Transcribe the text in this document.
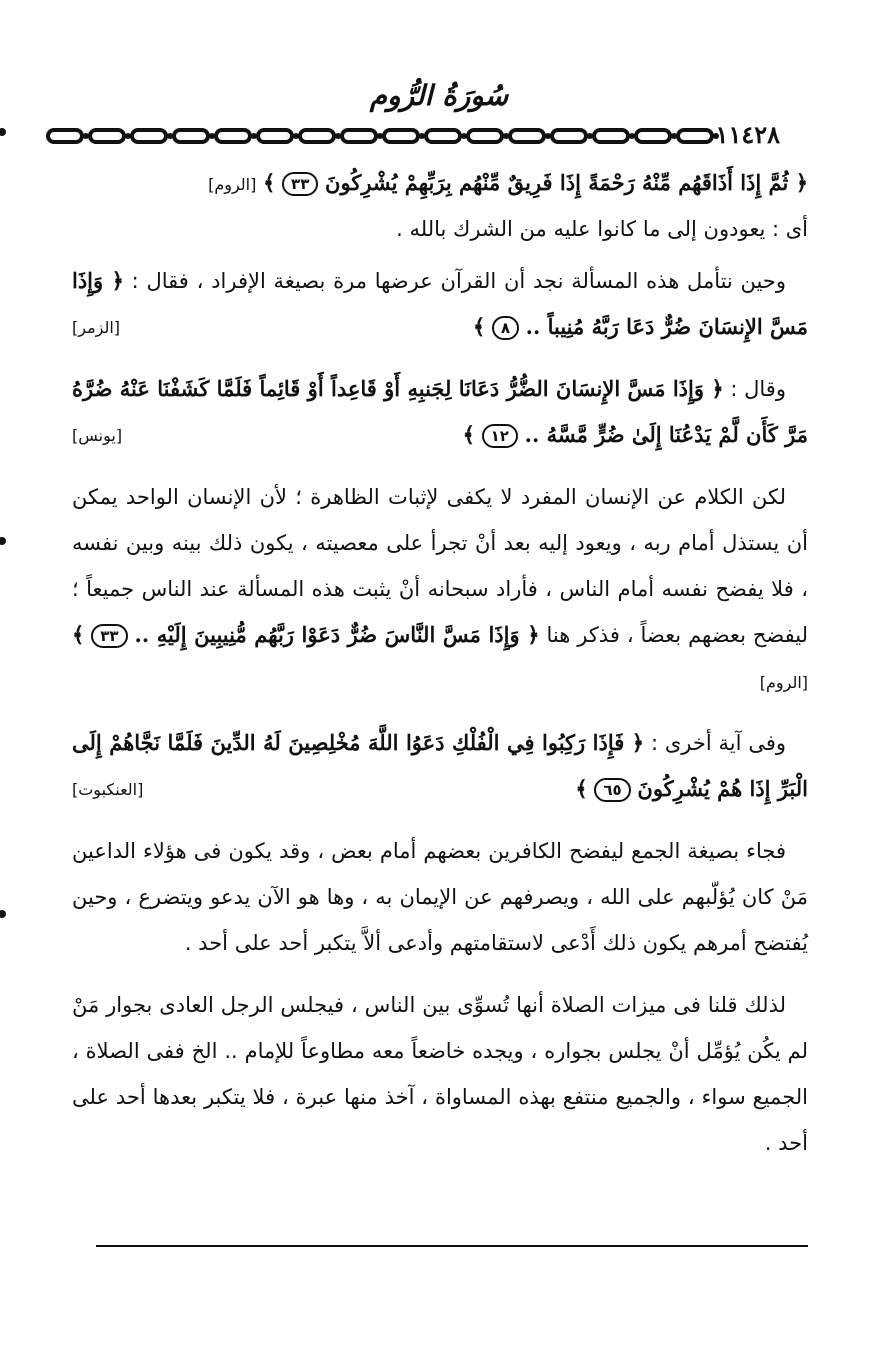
سُورَةُ الرُّوم
١١٤٢٨

﴿ ثُمَّ إِذَا أَذَاقَهُم مِّنْهُ رَحْمَةً إِذَا فَرِيقٌ مِّنْهُم بِرَبِّهِمْ يُشْرِكُونَ ٣٣ ﴾ [الروم]
أى : يعودون إلى ما كانوا عليه من الشرك بالله .

وحين نتأمل هذه المسألة نجد أن القرآن عرضها مرة بصيغة الإفراد ، فقال : ﴿ وَإِذَا مَسَّ الإِنسَانَ ضُرٌّ دَعَا رَبَّهُ مُنِيباً .. ٨ ﴾
[الزمر]

وقال : ﴿ وَإِذَا مَسَّ الإِنسَانَ الضُّرُّ دَعَانَا لِجَنبِهِ أَوْ قَاعِداً أَوْ قَائِماً فَلَمَّا كَشَفْنَا عَنْهُ ضُرَّهُ مَرَّ كَأَن لَّمْ يَدْعُنَا إِلَىٰ ضُرٍّ مَّسَّهُ .. ١٢ ﴾
[يونس]

لكن الكلام عن الإنسان المفرد لا يكفى لإثبات الظاهرة ؛ لأن الإنسان الواحد يمكن أن يستذل أمام ربه ، ويعود إليه بعد أنْ تجرأ على معصيته ، يكون ذلك بينه وبين نفسه ، فلا يفضح نفسه أمام الناس ، فأراد سبحانه أنْ يثبت هذه المسألة عند الناس جميعاً ؛ ليفضح بعضهم بعضاً ، فذكر هنا ﴿ وَإِذَا مَسَّ النَّاسَ ضُرٌّ دَعَوْا رَبَّهُم مُّنِيبِينَ إِلَيْهِ .. ٣٣ ﴾ [الروم]

وفى آية أخرى : ﴿ فَإِذَا رَكِبُوا فِي الْفُلْكِ دَعَوُا اللَّهَ مُخْلِصِينَ لَهُ الدِّينَ فَلَمَّا نَجَّاهُمْ إِلَى الْبَرِّ إِذَا هُمْ يُشْرِكُونَ ٦٥ ﴾
[العنكبوت]

فجاء بصيغة الجمع ليفضح الكافرين بعضهم أمام بعض ، وقد يكون فى هؤلاء الداعين مَنْ كان يُؤلّبهم على الله ، ويصرفهم عن الإيمان به ، وها هو الآن يدعو ويتضرع ، وحين يُفتضح أمرهم يكون ذلك أَدْعى لاستقامتهم وأدعى ألاَّ يتكبر أحد على أحد .

لذلك قلنا فى ميزات الصلاة أنها تُسوِّى بين الناس ، فيجلس الرجل العادى بجوار مَنْ لم يكُن يُؤمِّل أنْ يجلس بجواره ، ويجده خاضعاً معه مطاوعاً للإمام .. الخ ففى الصلاة ، الجميع سواء ، والجميع منتفع بهذه المساواة ، آخذ منها عبرة ، فلا يتكبر بعدها أحد على أحد .
